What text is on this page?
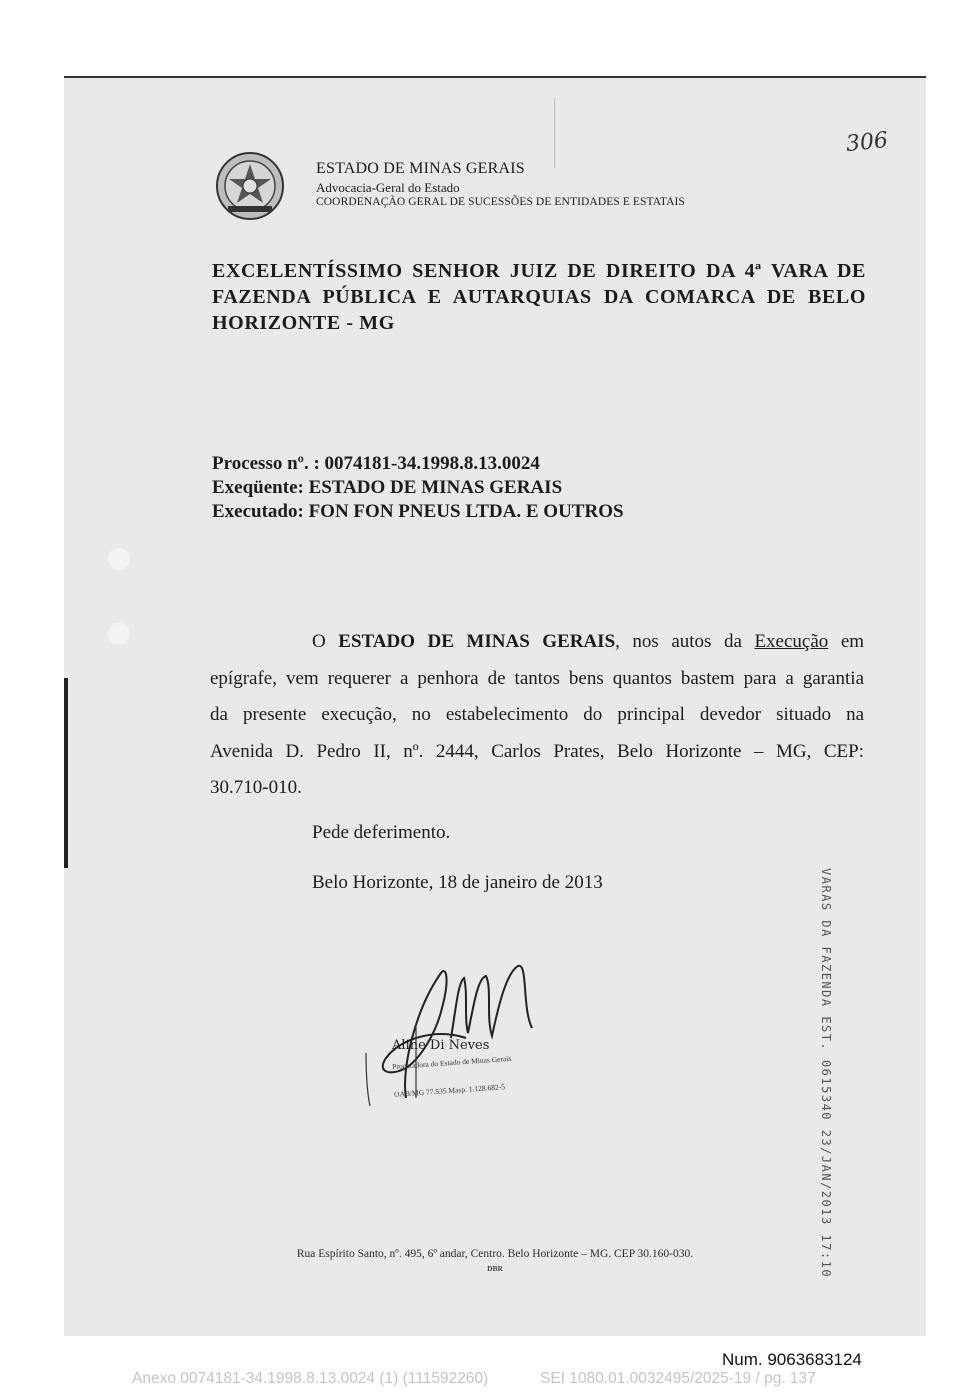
306
ESTADO DE MINAS GERAIS
Advocacia-Geral do Estado
COORDENAÇÃO GERAL DE SUCESSÕES DE ENTIDADES E ESTATAIS
EXCELENTÍSSIMO SENHOR JUIZ DE DIREITO DA 4ª VARA DE
FAZENDA PÚBLICA E AUTARQUIAS DA COMARCA DE BELO
HORIZONTE - MG
Processo nº. : 0074181-34.1998.8.13.0024
Exeqüente: ESTADO DE MINAS GERAIS
Executado: FON FON PNEUS LTDA. E OUTROS
O ESTADO DE MINAS GERAIS, nos autos da Execução em
epígrafe, vem requerer a penhora de tantos bens quantos bastem para a garantia
da presente execução, no estabelecimento do principal devedor situado na
Avenida D. Pedro II, nº. 2444, Carlos Prates, Belo Horizonte – MG, CEP:
30.710-010.
Pede deferimento.
Belo Horizonte, 18 de janeiro de 2013
Aline Di Neves
Procuradora do Estado de Minas Gerais
OAB/MG 77.535 Masp. 1.128.682-5	VARAS DA FAZENDA EST. 0615340 23/JAN/2013 17:10
Rua Espírito Santo, nº. 495, 6º andar, Centro. Belo Horizonte – MG. CEP 30.160-030.
DBR
Num. 9063683124
Anexo 0074181-34.1998.8.13.0024 (1) (111592260)	SEI 1080.01.0032495/2025-19 / pg. 137
